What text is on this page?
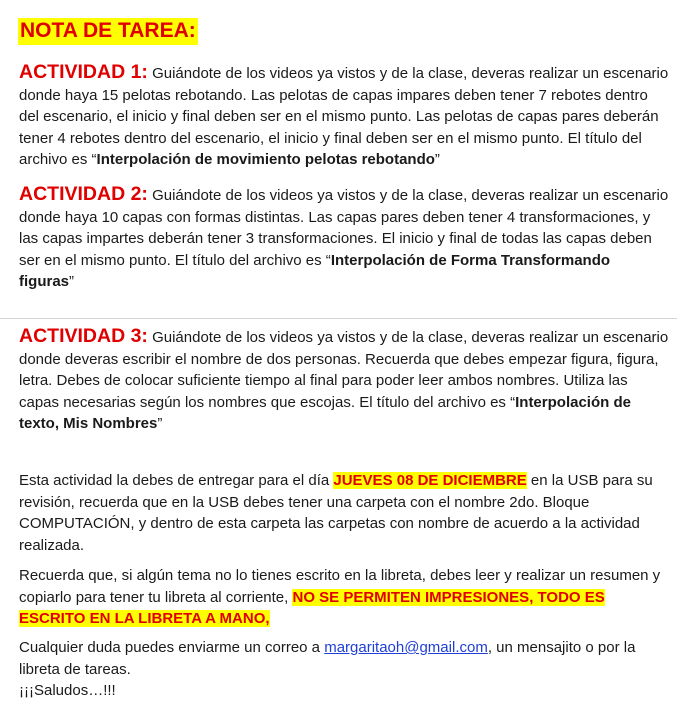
NOTA DE TAREA:

ACTIVIDAD 1: Guiándote de los videos ya vistos y de la clase, deveras realizar un escenario donde haya 15 pelotas rebotando. Las pelotas de capas impares deben tener 7 rebotes dentro del escenario, el inicio y final deben ser en el mismo punto. Las pelotas de capas pares deberán tener 4 rebotes dentro del escenario, el inicio y final deben ser en el mismo punto. El título del archivo es “Interpolación de movimiento pelotas rebotando”

ACTIVIDAD 2: Guiándote de los videos ya vistos y de la clase, deveras realizar un escenario donde haya 10 capas con formas distintas. Las capas pares deben tener 4 transformaciones, y las capas impartes deberán tener 3 transformaciones. El inicio y final de todas las capas deben ser en el mismo punto. El título del archivo es “Interpolación de Forma Transformando figuras”

ACTIVIDAD 3: Guiándote de los videos ya vistos y de la clase, deveras realizar un escenario donde deveras escribir el nombre de dos personas. Recuerda que debes empezar figura, figura, letra. Debes de colocar suficiente tiempo al final para poder leer ambos nombres. Utiliza las capas necesarias según los nombres que escojas. El título del archivo es “Interpolación de texto, Mis Nombres”

Esta actividad la debes de entregar para el día JUEVES 08 DE DICIEMBRE en la USB para su revisión, recuerda que en la USB debes tener una carpeta con el nombre 2do. Bloque COMPUTACIÓN, y dentro de esta carpeta las carpetas con nombre de acuerdo a la actividad realizada.

Recuerda que, si algún tema no lo tienes escrito en la libreta, debes leer y realizar un resumen y copiarlo para tener tu libreta al corriente, NO SE PERMITEN IMPRESIONES, TODO ES ESCRITO EN LA LIBRETA A MANO,

Cualquier duda puedes enviarme un correo a margaritaoh@gmail.com, un mensajito o por la libreta de tareas.
¡¡¡Saludos…!!!
